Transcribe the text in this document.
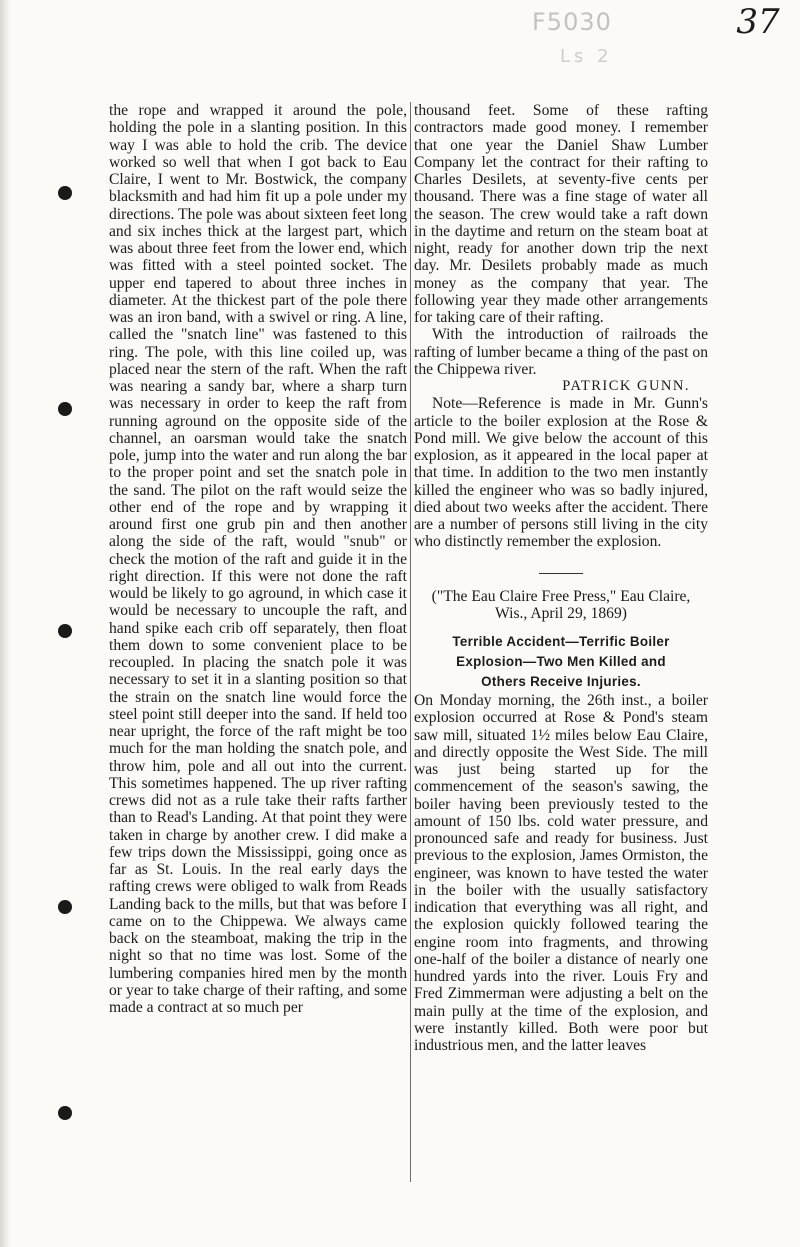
F5030
Ls 2
37

the rope and wrapped it around the pole, holding the pole in a slanting position. In this way I was able to hold the crib. The device worked so well that when I got back to Eau Claire, I went to Mr. Bostwick, the company blacksmith and had him fit up a pole under my directions. The pole was about sixteen feet long and six inches thick at the largest part, which was about three feet from the lower end, which was fitted with a steel pointed socket. The upper end tapered to about three inches in diameter. At the thickest part of the pole there was an iron band, with a swivel or ring. A line, called the "snatch line" was fastened to this ring. The pole, with this line coiled up, was placed near the stern of the raft. When the raft was nearing a sandy bar, where a sharp turn was necessary in order to keep the raft from running aground on the opposite side of the channel, an oarsman would take the snatch pole, jump into the water and run along the bar to the proper point and set the snatch pole in the sand. The pilot on the raft would seize the other end of the rope and by wrapping it around first one grub pin and then another along the side of the raft, would "snub" or check the motion of the raft and guide it in the right direction. If this were not done the raft would be likely to go aground, in which case it would be necessary to uncouple the raft, and hand spike each crib off separately, then float them down to some convenient place to be recoupled. In placing the snatch pole it was necessary to set it in a slanting position so that the strain on the snatch line would force the steel point still deeper into the sand. If held too near upright, the force of the raft might be too much for the man holding the snatch pole, and throw him, pole and all out into the current. This sometimes happened. The up river rafting crews did not as a rule take their rafts farther than to Read's Landing. At that point they were taken in charge by another crew. I did make a few trips down the Mississippi, going once as far as St. Louis. In the real early days the rafting crews were obliged to walk from Reads Landing back to the mills, but that was before I came on to the Chippewa. We always came back on the steamboat, making the trip in the night so that no time was lost. Some of the lumbering companies hired men by the month or year to take charge of their rafting, and some made a contract at so much per

thousand feet. Some of these rafting contractors made good money. I remember that one year the Daniel Shaw Lumber Company let the contract for their rafting to Charles Desilets, at seventy-five cents per thousand. There was a fine stage of water all the season. The crew would take a raft down in the daytime and return on the steam boat at night, ready for another down trip the next day. Mr. Desilets probably made as much money as the company that year. The following year they made other arrangements for taking care of their rafting.

With the introduction of railroads the rafting of lumber became a thing of the past on the Chippewa river.

PATRICK GUNN.

Note—Reference is made in Mr. Gunn's article to the boiler explosion at the Rose & Pond mill. We give below the account of this explosion, as it appeared in the local paper at that time. In addition to the two men instantly killed the engineer who was so badly injured, died about two weeks after the accident. There are a number of persons still living in the city who distinctly remember the explosion.

("The Eau Claire Free Press," Eau Claire, Wis., April 29, 1869)

Terrible Accident—Terrific Boiler
Explosion—Two Men Killed and
Others Receive Injuries.

On Monday morning, the 26th inst., a boiler explosion occurred at Rose & Pond's steam saw mill, situated 1½ miles below Eau Claire, and directly opposite the West Side. The mill was just being started up for the commencement of the season's sawing, the boiler having been previously tested to the amount of 150 lbs. cold water pressure, and pronounced safe and ready for business. Just previous to the explosion, James Ormiston, the engineer, was known to have tested the water in the boiler with the usually satisfactory indication that everything was all right, and the explosion quickly followed tearing the engine room into fragments, and throwing one-half of the boiler a distance of nearly one hundred yards into the river. Louis Fry and Fred Zimmerman were adjusting a belt on the main pully at the time of the explosion, and were instantly killed. Both were poor but industrious men, and the latter leaves
